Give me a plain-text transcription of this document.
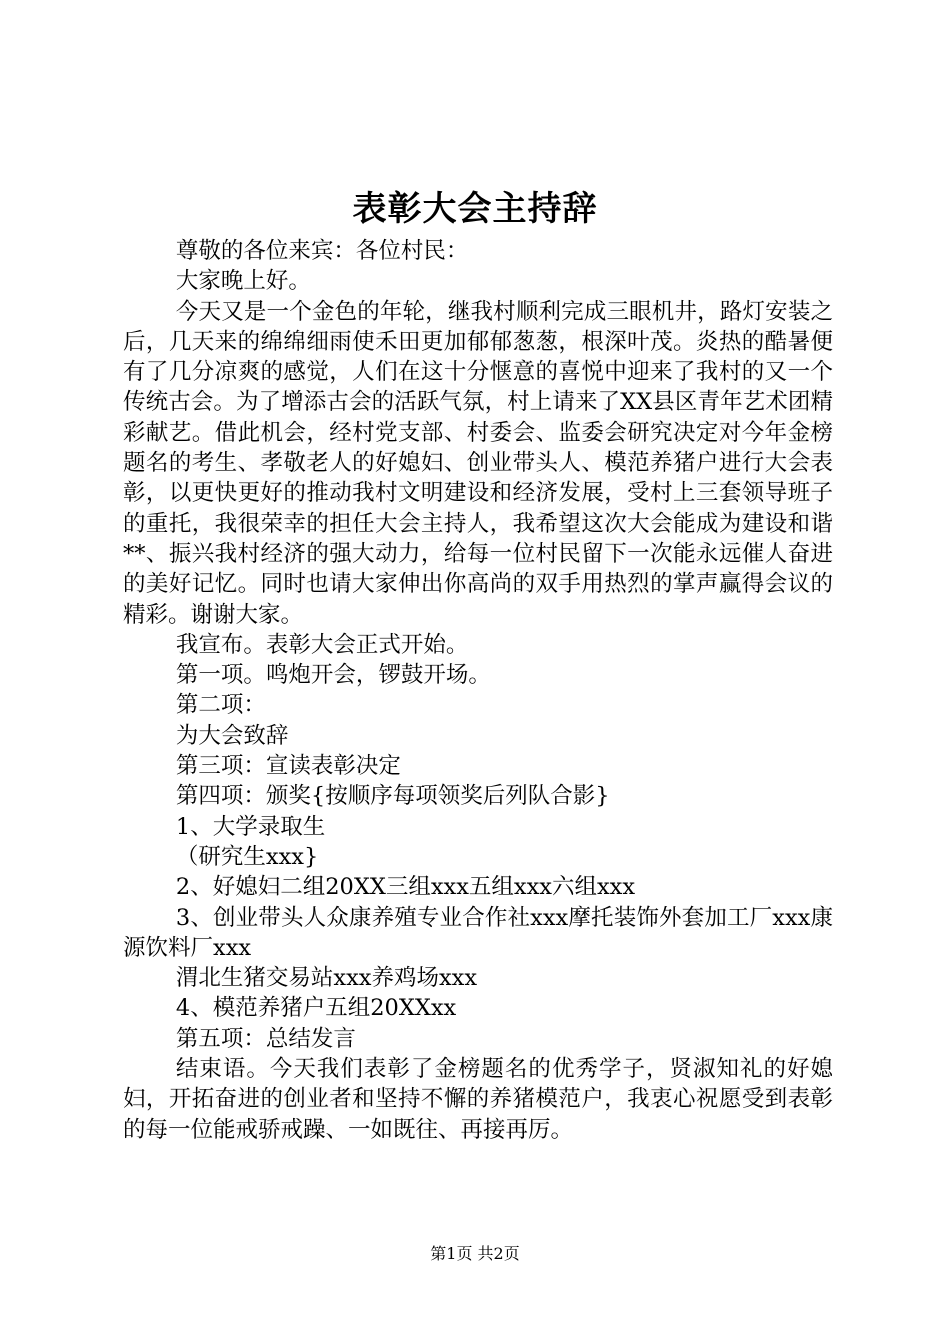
表彰大会主持辞

尊敬的各位来宾：各位村民：

大家晚上好。

今天又是一个金色的年轮，继我村顺利完成三眼机井，路灯安装之后，几天来的绵绵细雨使禾田更加郁郁葱葱，根深叶茂。炎热的酷暑便有了几分凉爽的感觉，人们在这十分惬意的喜悦中迎来了我村的又一个传统古会。为了增添古会的活跃气氛，村上请来了XX县区青年艺术团精彩献艺。借此机会，经村党支部、村委会、监委会研究决定对今年金榜题名的考生、孝敬老人的好媳妇、创业带头人、模范养猪户进行大会表彰，以更快更好的推动我村文明建设和经济发展，受村上三套领导班子的重托，我很荣幸的担任大会主持人，我希望这次大会能成为建设和谐**、振兴我村经济的强大动力，给每一位村民留下一次能永远催人奋进的美好记忆。同时也请大家伸出你高尚的双手用热烈的掌声赢得会议的精彩。谢谢大家。

我宣布。表彰大会正式开始。

第一项。鸣炮开会，锣鼓开场。

第二项：

为大会致辞

第三项：宣读表彰决定

第四项：颁奖{按顺序每项领奖后列队合影}

1、大学录取生

（研究生xxx}

2、好媳妇二组20XX三组xxx五组xxx六组xxx

3、创业带头人众康养殖专业合作社xxx摩托装饰外套加工厂xxx康源饮料厂xxx

渭北生猪交易站xxx养鸡场xxx

4、模范养猪户五组20XXxx

第五项：总结发言

结束语。今天我们表彰了金榜题名的优秀学子，贤淑知礼的好媳妇，开拓奋进的创业者和坚持不懈的养猪模范户，我衷心祝愿受到表彰的每一位能戒骄戒躁、一如既往、再接再厉。

第1页 共2页
